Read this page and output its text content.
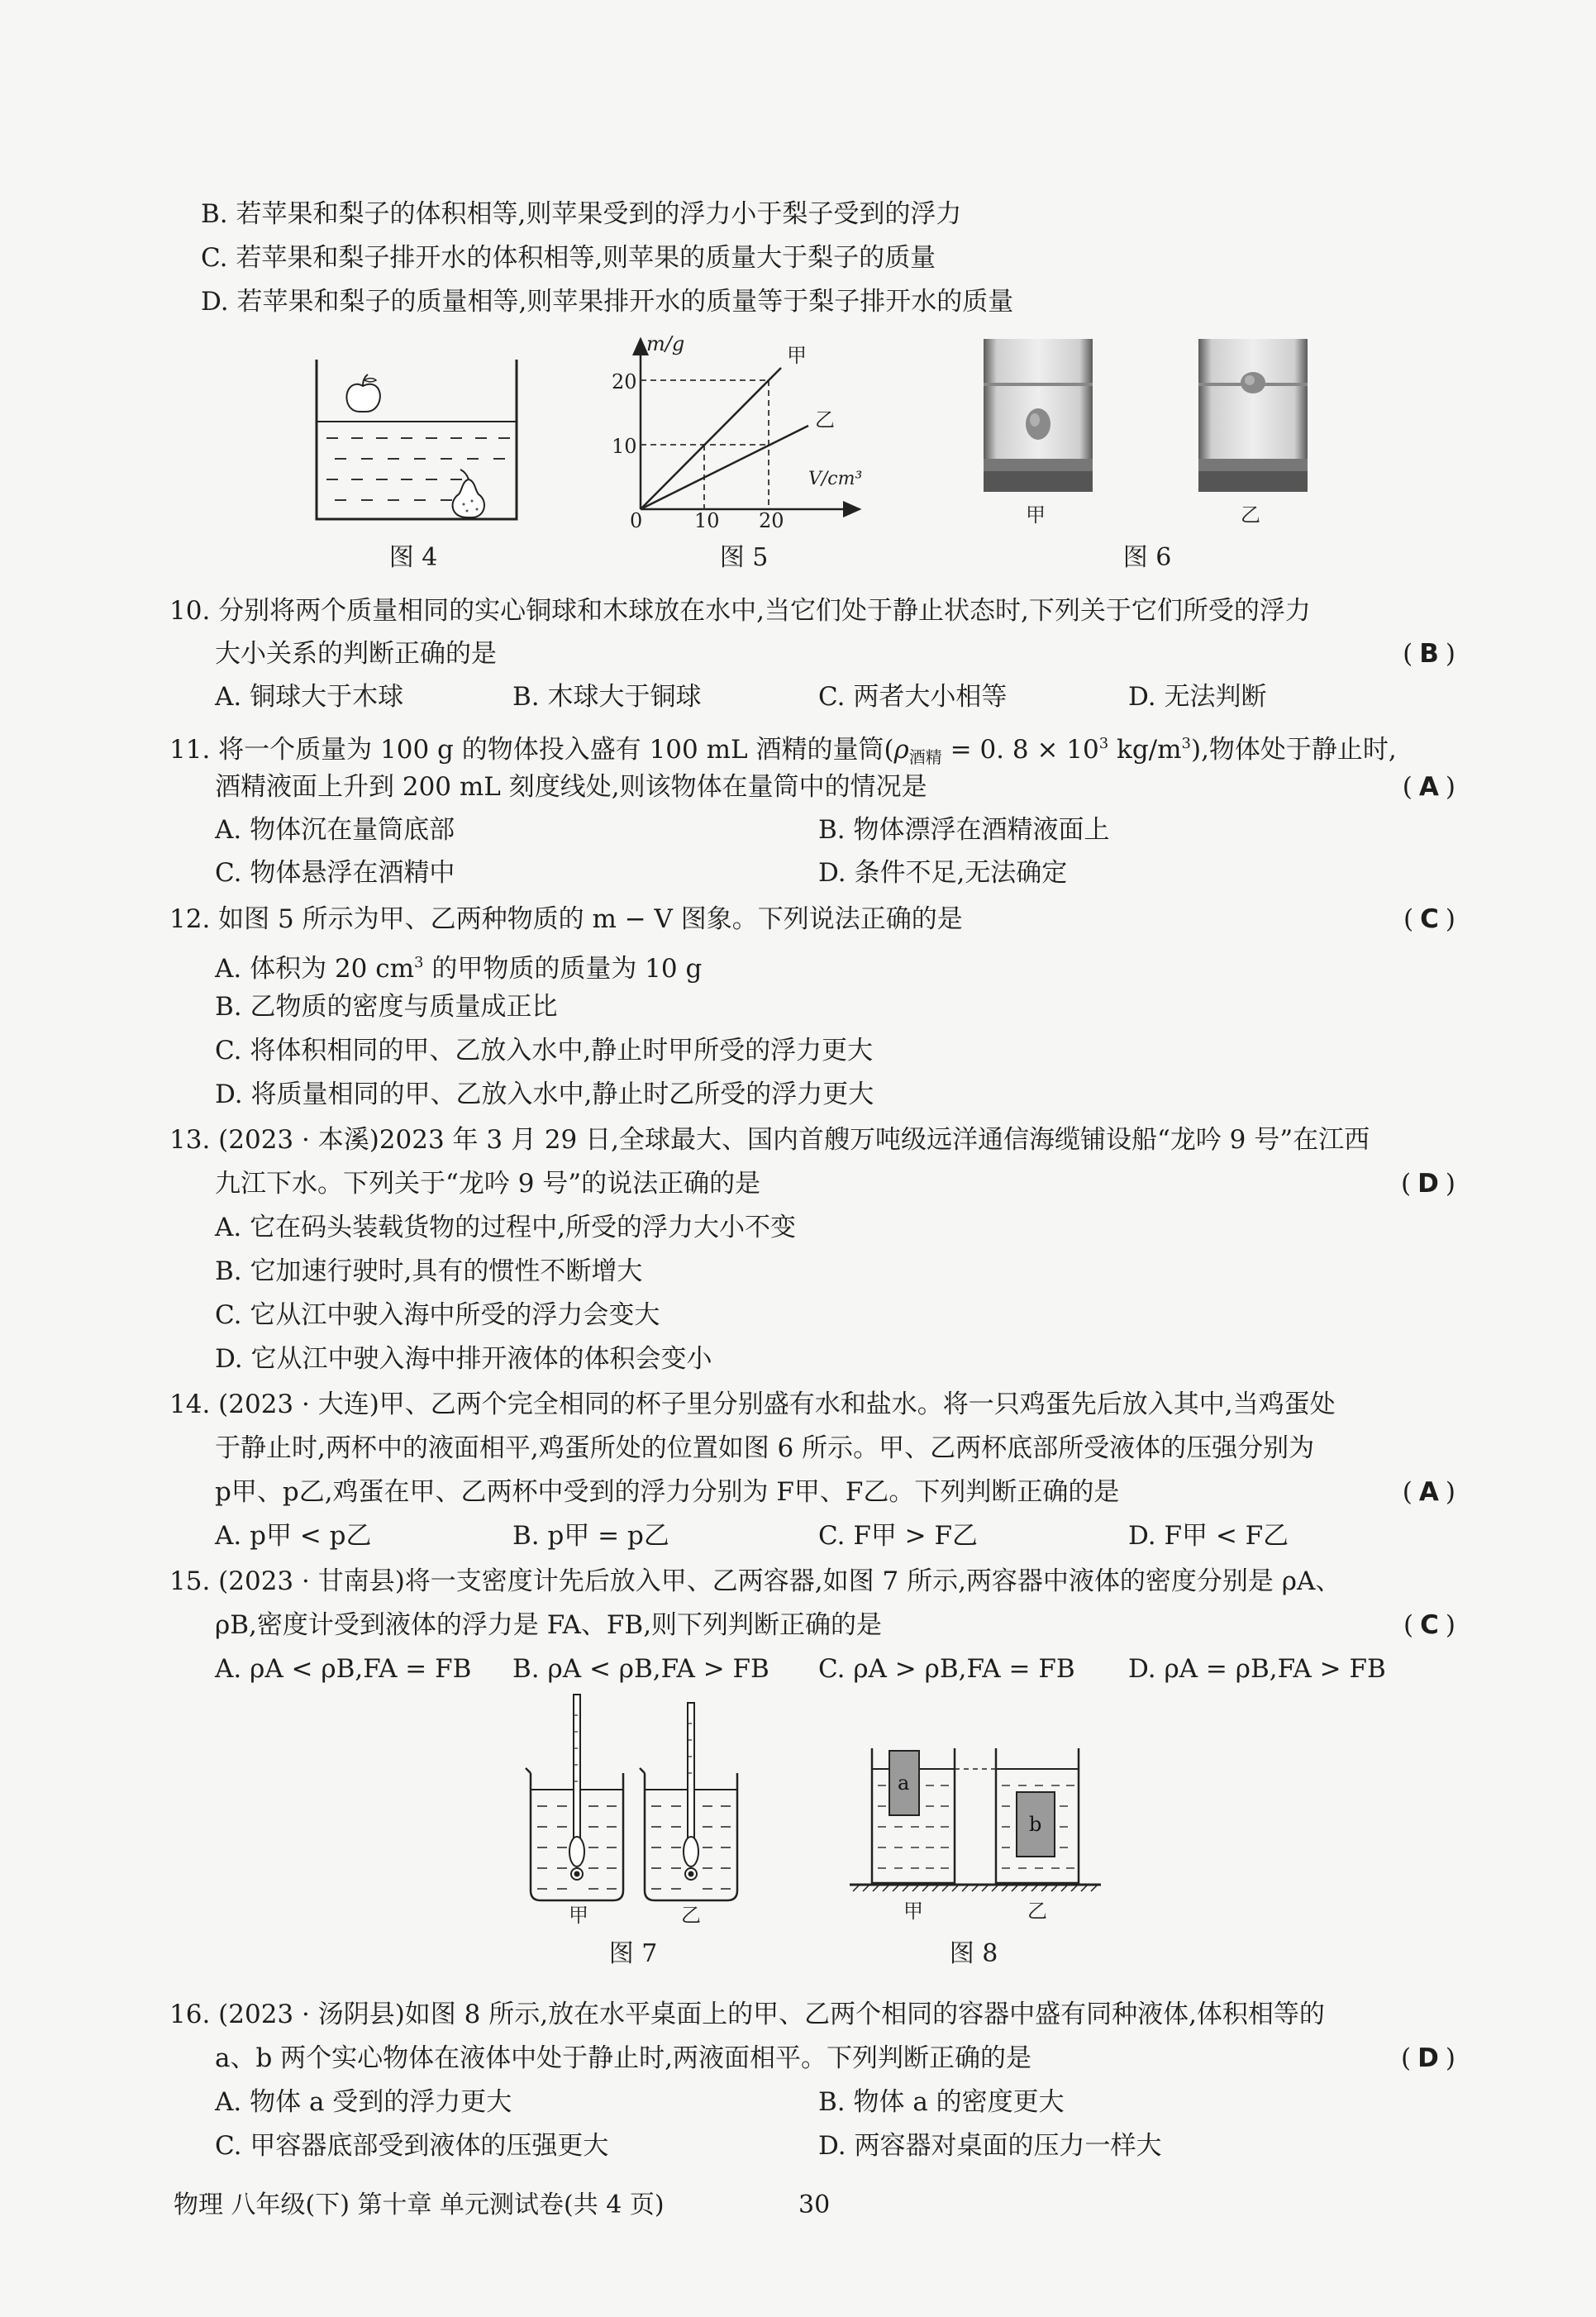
B. 若苹果和梨子的体积相等,则苹果受到的浮力小于梨子受到的浮力
C. 若苹果和梨子排开水的体积相等,则苹果的质量大于梨子的质量
D. 若苹果和梨子的质量相等,则苹果排开水的质量等于梨子排开水的质量
图 4
m/g
V/cm³
20
10
0	10 20
甲
乙
图 5
甲	乙
图 6
10. 分别将两个质量相同的实心铜球和木球放在水中,当它们处于静止状态时,下列关于它们所受的浮力
大小关系的判断正确的是	( B )
A. 铜球大于木球	B. 木球大于铜球	C. 两者大小相等	D. 无法判断
11. 将一个质量为 100 g 的物体投入盛有 100 mL 酒精的量筒($\rho_{酒精} = 0$. $8 \times 10^3$ $kg/m^3$),物体处于静止时,
酒精液面上升到 200 mL 刻度线处,则该物体在量筒中的情况是	( A )
A. 物体沉在量筒底部	B. 物体漂浮在酒精液面上
C. 物体悬浮在酒精中	D. 条件不足,无法确定
12. 如图 5 所示为甲、乙两种物质的 m − V 图象。下列说法正确的是	( C )
A. 体积为 20 $cm^3$ 的甲物质的质量为 10 g
B. 乙物质的密度与质量成正比
C. 将体积相同的甲、乙放入水中,静止时甲所受的浮力更大
D. 将质量相同的甲、乙放入水中,静止时乙所受的浮力更大
13. (2023 · 本溪)2023 年 3 月 29 日,全球最大、国内首艘万吨级远洋通信海缆铺设船“龙吟 9 号”在江西
九江下水。下列关于“龙吟 9 号”的说法正确的是	( D )
A. 它在码头装载货物的过程中,所受的浮力大小不变
B. 它加速行驶时,具有的惯性不断增大
C. 它从江中驶入海中所受的浮力会变大
D. 它从江中驶入海中排开液体的体积会变小
14. (2023 · 大连)甲、乙两个完全相同的杯子里分别盛有水和盐水。将一只鸡蛋先后放入其中,当鸡蛋处
于静止时,两杯中的液面相平,鸡蛋所处的位置如图 6 所示。甲、乙两杯底部所受液体的压强分别为
p甲、p乙,鸡蛋在甲、乙两杯中受到的浮力分别为 F甲、F乙。下列判断正确的是	( A )
A. p甲 < p乙	B. p甲 = p乙	C. F甲 > F乙	D. F甲 < F乙
15. (2023 · 甘南县)将一支密度计先后放入甲、乙两容器,如图 7 所示,两容器中液体的密度分别是 ρA、
ρB,密度计受到液体的浮力是 FA、FB,则下列判断正确的是	( C )
A. ρA < ρB,FA = FB B. ρA < ρB,FA > FB C. ρA > ρB,FA = FB D. ρA = ρB,FA > FB
甲	乙
图 7
a
b
甲	乙
图 8
16. (2023 · 汤阴县)如图 8 所示,放在水平桌面上的甲、乙两个相同的容器中盛有同种液体,体积相等的
a、b 两个实心物体在液体中处于静止时,两液面相平。下列判断正确的是	( D )
A. 物体 a 受到的浮力更大	B. 物体 a 的密度更大
C. 甲容器底部受到液体的压强更大	D. 两容器对桌面的压力一样大
物理 八年级(下) 第十章 单元测试卷(共 4 页)	30
